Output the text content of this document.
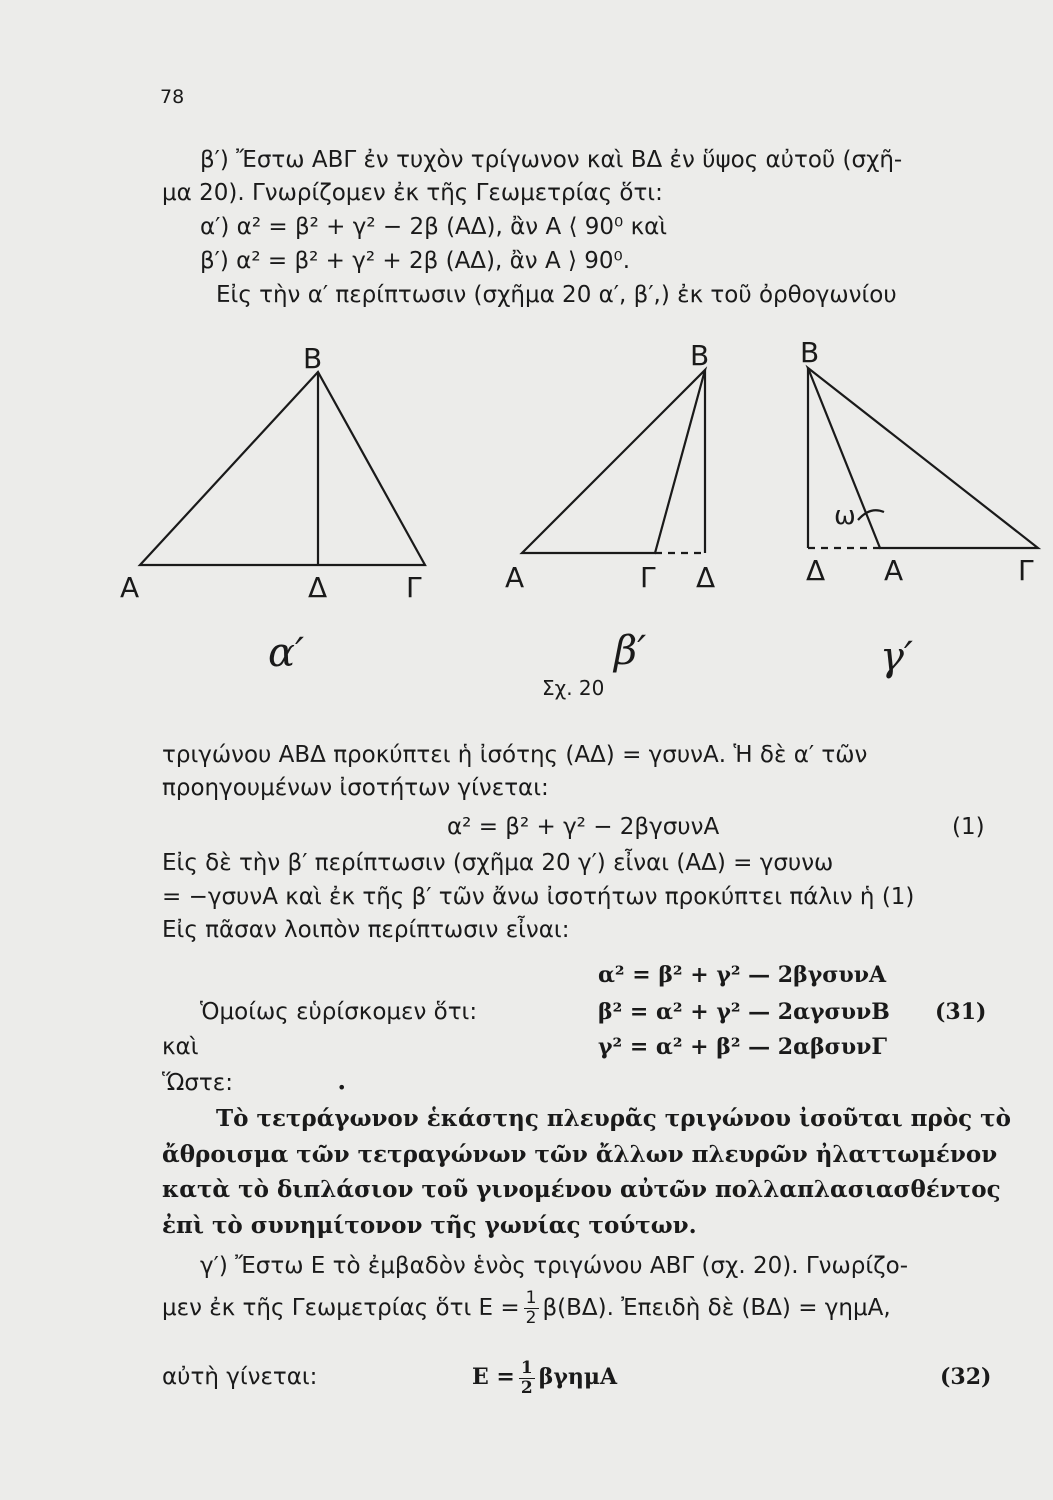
78
β′) Ἔστω ΑΒΓ ἐν τυχὸν τρίγωνον καὶ ΒΔ ἐν ὕψος αὐτοῦ (σχῆ-
μα 20). Γνωρίζομεν ἐκ τῆς Γεωμετρίας ὅτι:
α′) α² = β² + γ² − 2β (ΑΔ), ἂν Α ⟨ 90⁰ καὶ
β′) α² = β² + γ² + 2β (ΑΔ), ἂν Α ⟩ 90⁰.
Εἰς τὴν α′ περίπτωσιν (σχῆμα 20 α′, β′,) ἐκ τοῦ ὀρθογωνίου
B
A	Δ	Γ
α′
B
A	Γ Δ
β′
B
Δ A	Γ
ω
γ′
Σχ. 20
τριγώνου ΑΒΔ προκύπτει ἡ ἰσότης (ΑΔ) = γσυνΑ. Ἡ δὲ α′ τῶν
προηγουμένων ἰσοτήτων γίνεται:
α² = β² + γ² − 2βγσυνΑ	(1)
Εἰς δὲ τὴν β′ περίπτωσιν (σχῆμα 20 γ′) εἶναι (ΑΔ) = γσυνω
= −γσυνΑ καὶ ἐκ τῆς β′ τῶν ἄνω ἰσοτήτων προκύπτει πάλιν ἡ (1)
Εἰς πᾶσαν λοιπὸν περίπτωσιν εἶναι:
α² = β² + γ² — 2βγσυνΑ
Ὁμοίως εὑρίσκομεν ὅτι:	β² = α² + γ² — 2αγσυνΒ (31)
καὶ	γ² = α² + β² — 2αβσυνΓ
Ὥστε:	•
Τὸ τετράγωνον ἑκάστης πλευρᾶς τριγώνου ἰσοῦται πρὸς τὸ
ἄθροισμα τῶν τετραγώνων τῶν ἄλλων πλευρῶν ἠλαττωμένον
κατὰ τὸ διπλάσιον τοῦ γινομένου αὐτῶν πολλαπλασιασθέντος
ἐπὶ τὸ συνημίτονον τῆς γωνίας τούτων.
γ′) Ἔστω Ε τὸ ἐμβαδὸν ἑνὸς τριγώνου ΑΒΓ (σχ. 20). Γνωρίζο-
μεν ἐκ τῆς Γεωμετρίας ὅτι $E = \frac{1}{2} \beta(B\Delta)$. Ἐπειδὴ δὲ (ΒΔ) = γημΑ,
αὐτὴ γίνεται:	$E = \frac{1}{2}$ βγημΑ	(32)
